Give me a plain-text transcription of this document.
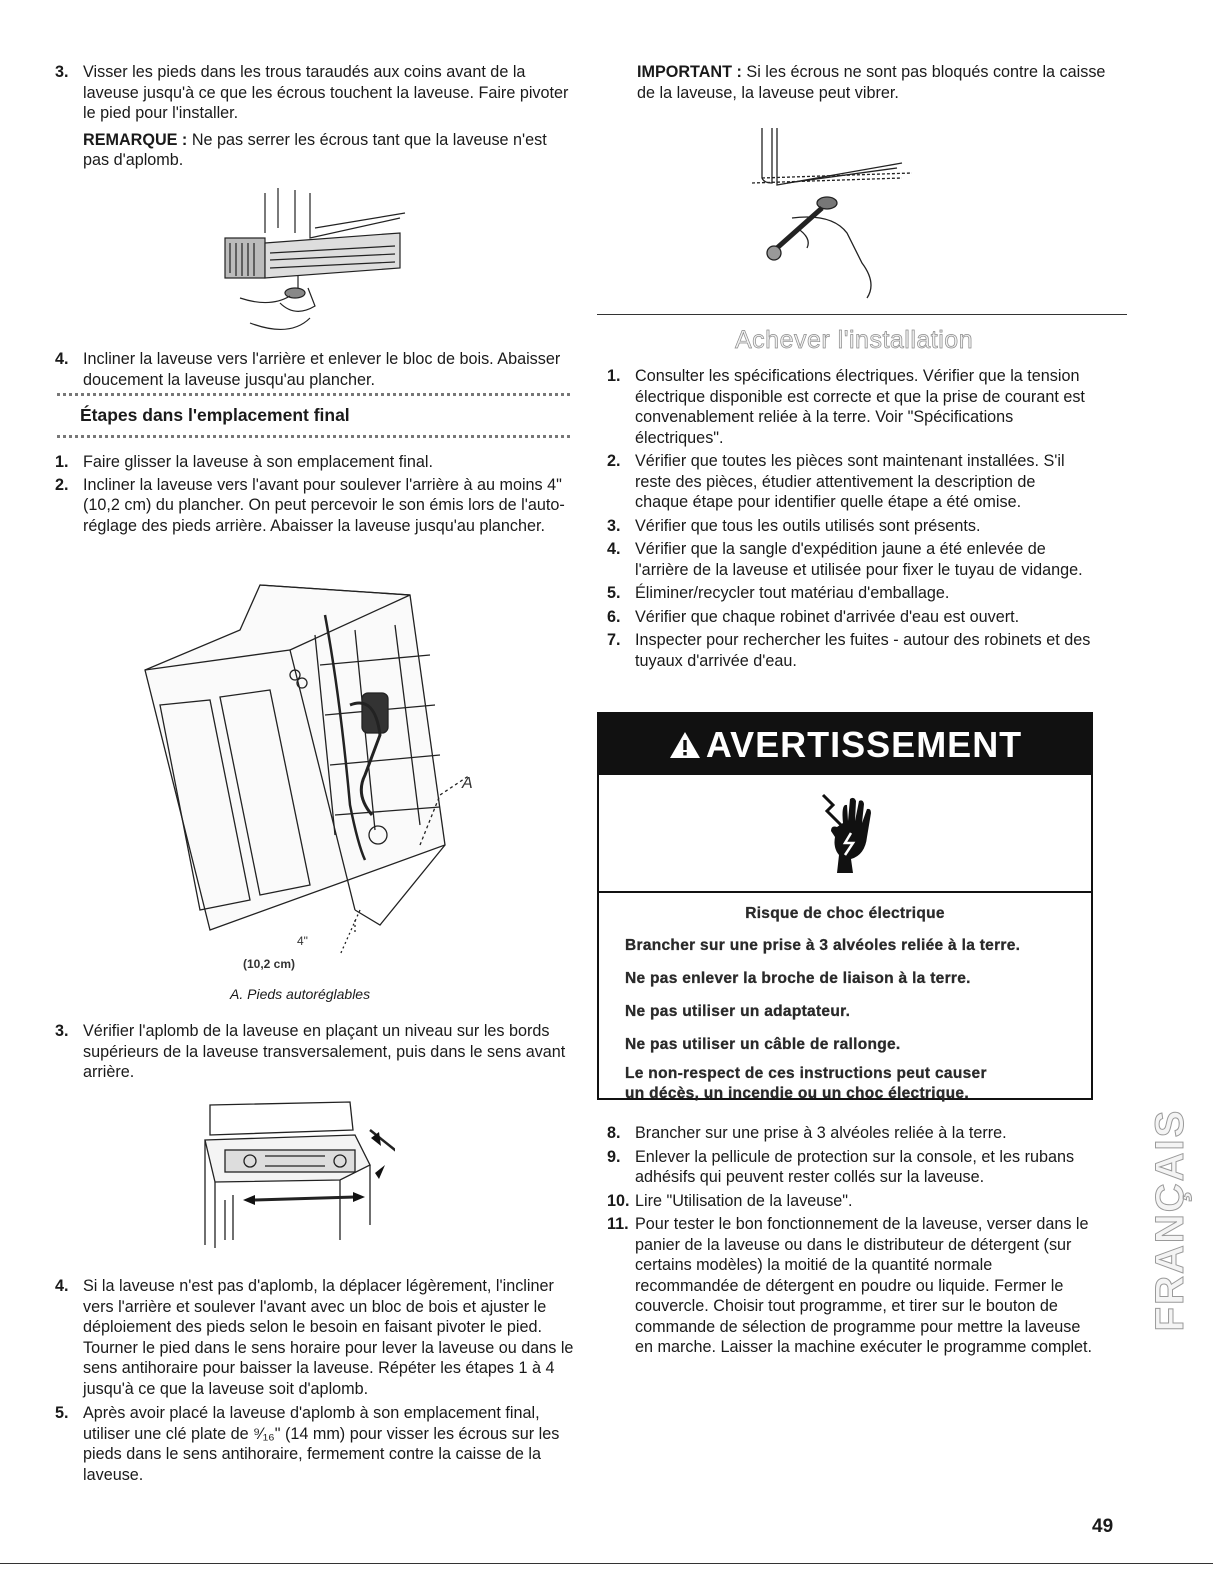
3. Visser les pieds dans les trous taraudés aux coins avant de la laveuse jusqu'à ce que les écrous touchent la laveuse. Faire pivoter le pied pour l'installer.
REMARQUE : Ne pas serrer les écrous tant que la laveuse n'est pas d'aplomb.
4. Incliner la laveuse vers l'arrière et enlever le bloc de bois. Abaisser doucement la laveuse jusqu'au plancher.
Étapes dans l'emplacement final
1. Faire glisser la laveuse à son emplacement final.
2. Incliner la laveuse vers l'avant pour soulever l'arrière à au moins 4" (10,2 cm) du plancher. On peut percevoir le son émis lors de l'auto-réglage des pieds arrière. Abaisser la laveuse jusqu'au plancher.
A
4"
(10,2 cm)
A. Pieds autoréglables
3. Vérifier l'aplomb de la laveuse en plaçant un niveau sur les bords supérieurs de la laveuse transversalement, puis dans le sens avant arrière.
4. Si la laveuse n'est pas d'aplomb, la déplacer légèrement, l'incliner vers l'arrière et soulever l'avant avec un bloc de bois et ajuster le déploiement des pieds selon le besoin en faisant pivoter le pied. Tourner le pied dans le sens horaire pour lever la laveuse ou dans le sens antihoraire pour baisser la laveuse. Répéter les étapes 1 à 4 jusqu'à ce que la laveuse soit d'aplomb.
5. Après avoir placé la laveuse d'aplomb à son emplacement final, utiliser une clé plate de ⁹⁄₁₆" (14 mm) pour visser les écrous sur les pieds dans le sens antihoraire, fermement contre la caisse de la laveuse.
IMPORTANT : Si les écrous ne sont pas bloqués contre la caisse de la laveuse, la laveuse peut vibrer.
Achever l'installation
1. Consulter les spécifications électriques. Vérifier que la tension électrique disponible est correcte et que la prise de courant est convenablement reliée à la terre. Voir "Spécifications électriques".
2. Vérifier que toutes les pièces sont maintenant installées. S'il reste des pièces, étudier attentivement la description de chaque étape pour identifier quelle étape a été omise.
3. Vérifier que tous les outils utilisés sont présents.
4. Vérifier que la sangle d'expédition jaune a été enlevée de l'arrière de la laveuse et utilisée pour fixer le tuyau de vidange.
5. Éliminer/recycler tout matériau d'emballage.
6. Vérifier que chaque robinet d'arrivée d'eau est ouvert.
7. Inspecter pour rechercher les fuites - autour des robinets et des tuyaux d'arrivée d'eau.
AVERTISSEMENT
Risque de choc électrique
Brancher sur une prise à 3 alvéoles reliée à la terre.
Ne pas enlever la broche de liaison à la terre.
Ne pas utiliser un adaptateur.
Ne pas utiliser un câble de rallonge.
Le non-respect de ces instructions peut causer
un décès, un incendie ou un choc électrique.
8. Brancher sur une prise à 3 alvéoles reliée à la terre.
9. Enlever la pellicule de protection sur la console, et les rubans adhésifs qui peuvent rester collés sur la laveuse.
10. Lire "Utilisation de la laveuse".
11. Pour tester le bon fonctionnement de la laveuse, verser dans le panier de la laveuse ou dans le distributeur de détergent (sur certains modèles) la moitié de la quantité normale recommandée de détergent en poudre ou liquide. Fermer le couvercle. Choisir tout programme, et tirer sur le bouton de commande de sélection de programme pour mettre la laveuse en marche. Laisser la machine exécuter le programme complet.
FRANÇAIS
49
